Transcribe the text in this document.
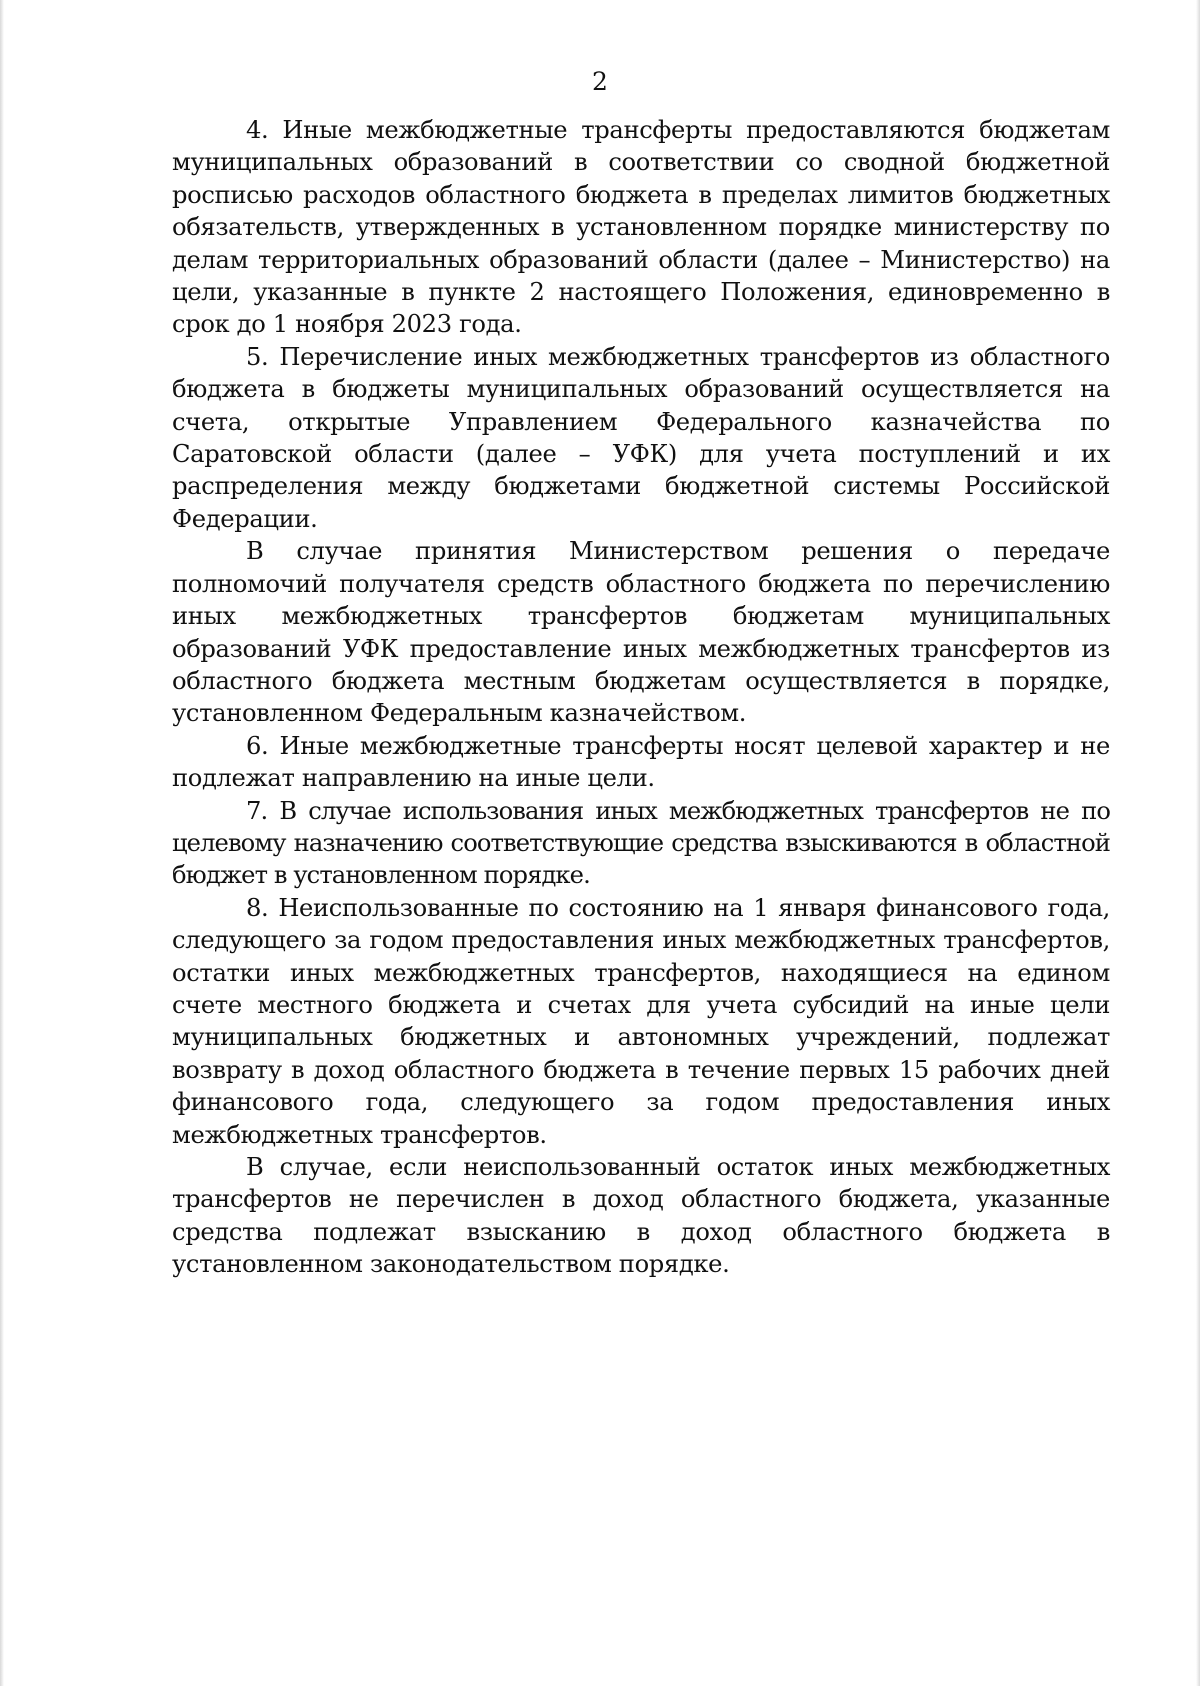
2

4. Иные межбюджетные трансферты предоставляются бюджетам муниципальных образований в соответствии со сводной бюджетной росписью расходов областного бюджета в пределах лимитов бюджетных обязательств, утвержденных в установленном порядке министерству по делам территориальных образований области (далее – Министерство) на цели, указанные в пункте 2 настоящего Положения, единовременно в срок до 1 ноября 2023 года.

5. Перечисление иных межбюджетных трансфертов из областного бюджета в бюджеты муниципальных образований осуществляется на счета, открытые Управлением Федерального казначейства по Саратовской области (далее – УФК) для учета поступлений и их распределения между бюджетами бюджетной системы Российской Федерации.

В случае принятия Министерством решения о передаче полномочий получателя средств областного бюджета по перечислению иных межбюджетных трансфертов бюджетам муниципальных образований УФК предоставление иных межбюджетных трансфертов из областного бюджета местным бюджетам осуществляется в порядке, установленном Федеральным казначейством.

6. Иные межбюджетные трансферты носят целевой характер и не подлежат направлению на иные цели.

7. В случае использования иных межбюджетных трансфертов не по целевому назначению соответствующие средства взыскиваются в областной бюджет в установленном порядке.

8. Неиспользованные по состоянию на 1 января финансового года, следующего за годом предоставления иных межбюджетных трансфертов, остатки иных межбюджетных трансфертов, находящиеся на едином счете местного бюджета и счетах для учета субсидий на иные цели муниципальных бюджетных и автономных учреждений, подлежат возврату в доход областного бюджета в течение первых 15 рабочих дней финансового года, следующего за годом предоставления иных межбюджетных трансфертов.

В случае, если неиспользованный остаток иных межбюджетных трансфертов не перечислен в доход областного бюджета, указанные средства подлежат взысканию в доход областного бюджета в установленном законодательством порядке.
